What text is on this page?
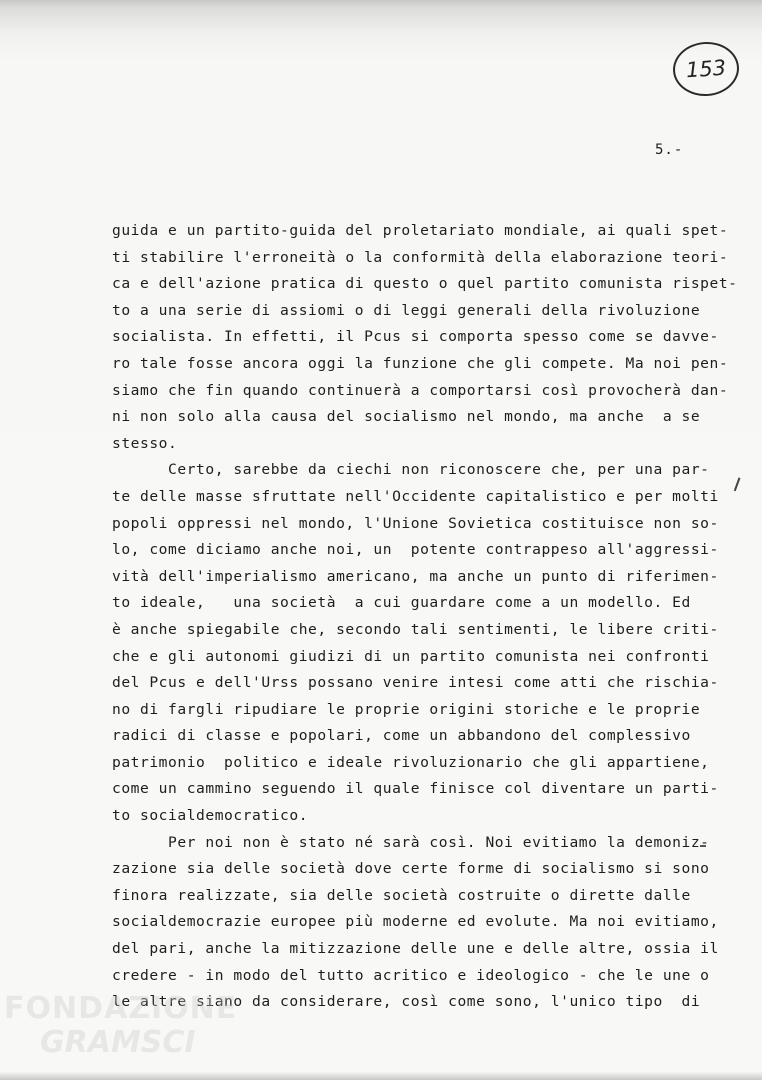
153
5.-
guida e un partito-guida del proletariato mondiale, ai quali spet-
ti stabilire l'erroneità o la conformità della elaborazione teori-
ca e dell'azione pratica di questo o quel partito comunista rispet-
to a una serie di assiomi o di leggi generali della rivoluzione
socialista. In effetti, il Pcus si comporta spesso come se davve-
ro tale fosse ancora oggi la funzione che gli compete. Ma noi pen-
siamo che fin quando continuerà a comportarsi così provocherà dan-
ni non solo alla causa del socialismo nel mondo, ma anche  a se
stesso.
Certo, sarebbe da ciechi non riconoscere che, per una par-
te delle masse sfruttate nell'Occidente capitalistico e per molti
popoli oppressi nel mondo, l'Unione Sovietica costituisce non so-
lo, come diciamo anche noi, un  potente contrappeso all'aggressi-
vità dell'imperialismo americano, ma anche un punto di riferimen-
to ideale,   una società  a cui guardare come a un modello. Ed
è anche spiegabile che, secondo tali sentimenti, le libere criti-
che e gli autonomi giudizi di un partito comunista nei confronti
del Pcus e dell'Urss possano venire intesi come atti che rischia-
no di fargli ripudiare le proprie origini storiche e le proprie
radici di classe e popolari, come un abbandono del complessivo
patrimonio  politico e ideale rivoluzionario che gli appartiene,
come un cammino seguendo il quale finisce col diventare un parti-
to socialdemocratico.
Per noi non è stato né sarà così. Noi evitiamo la demoniz-
zazione sia delle società dove certe forme di socialismo si sono
finora realizzate, sia delle società costruite o dirette dalle
socialdemocrazie europee più moderne ed evolute. Ma noi evitiamo,
del pari, anche la mitizzazione delle une e delle altre, ossia il
credere - in modo del tutto acritico e ideologico - che le une o
le altre siano da considerare, così come sono, l'unico tipo  di
FONDAZIONE
GRAMSCI
